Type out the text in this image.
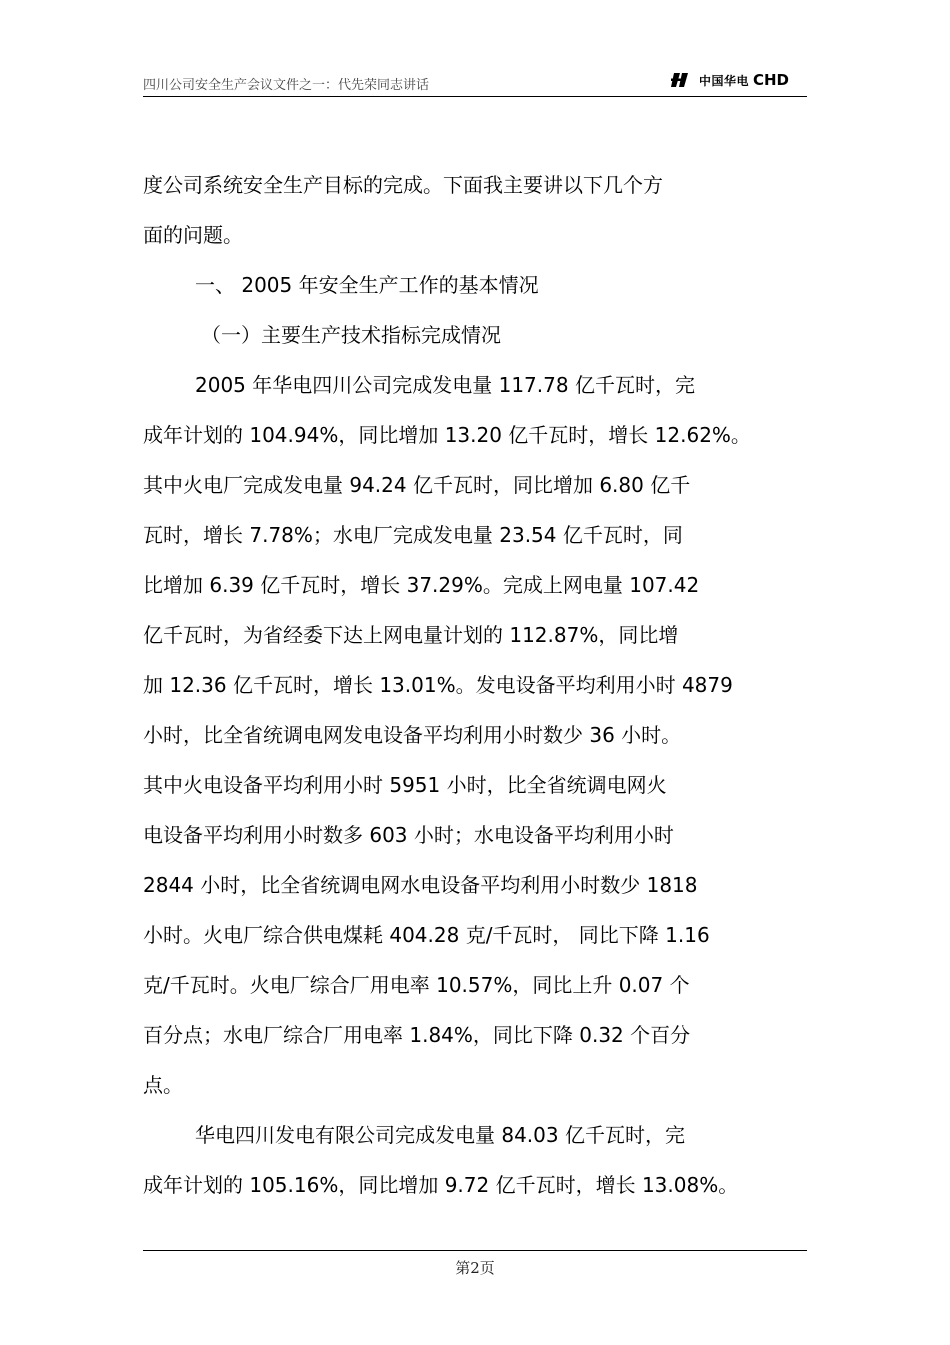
四川公司安全生产会议文件之一：代先荣同志讲话	中国华电 CHD
度公司系统安全生产目标的完成。下面我主要讲以下几个方
面的问题。
一、 2005 年安全生产工作的基本情况
（一）主要生产技术指标完成情况
2005 年华电四川公司完成发电量 117.78 亿千瓦时，完
成年计划的 104.94%，同比增加 13.20 亿千瓦时，增长 12.62%。
其中火电厂完成发电量 94.24 亿千瓦时，同比增加 6.80 亿千
瓦时，增长 7.78%；水电厂完成发电量 23.54 亿千瓦时，同
比增加 6.39 亿千瓦时，增长 37.29%。完成上网电量 107.42
亿千瓦时，为省经委下达上网电量计划的 112.87%，同比增
加 12.36 亿千瓦时，增长 13.01%。发电设备平均利用小时 4879
小时，比全省统调电网发电设备平均利用小时数少 36 小时。
其中火电设备平均利用小时 5951 小时，比全省统调电网火
电设备平均利用小时数多 603 小时；水电设备平均利用小时
2844 小时，比全省统调电网水电设备平均利用小时数少 1818
小时。火电厂综合供电煤耗 404.28 克/千瓦时， 同比下降 1.16
克/千瓦时。火电厂综合厂用电率 10.57%，同比上升 0.07 个
百分点；水电厂综合厂用电率 1.84%，同比下降 0.32 个百分
点。
华电四川发电有限公司完成发电量 84.03 亿千瓦时，完
成年计划的 105.16%，同比增加 9.72 亿千瓦时，增长 13.08%。
第2页
